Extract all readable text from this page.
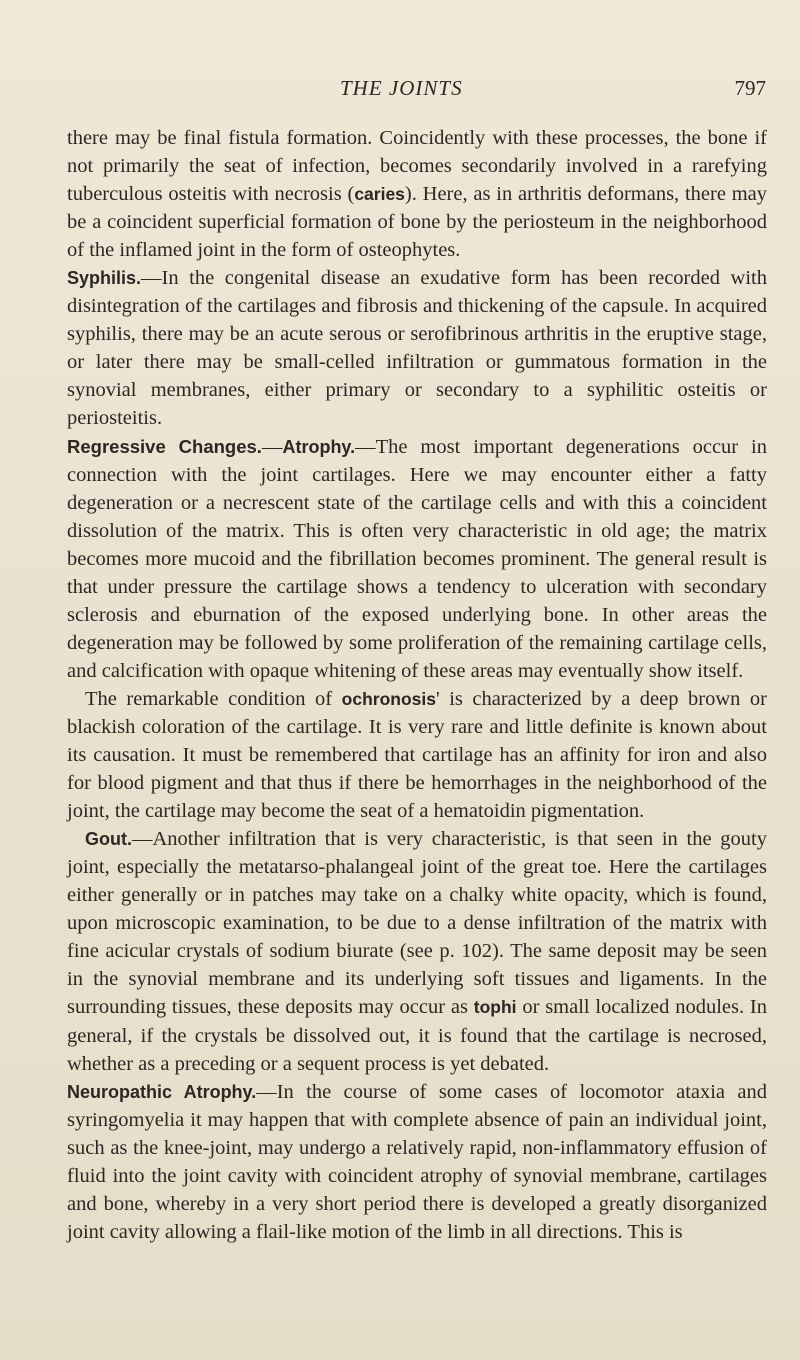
THE JOINTS	797

there may be final fistula formation. Coincidently with these processes, the bone if not primarily the seat of infection, becomes secondarily involved in a rarefying tuberculous osteitis with necrosis (caries). Here, as in arthritis deformans, there may be a coincident superficial formation of bone by the periosteum in the neighborhood of the inflamed joint in the form of osteophytes.

Syphilis.—In the congenital disease an exudative form has been recorded with disintegration of the cartilages and fibrosis and thickening of the capsule. In acquired syphilis, there may be an acute serous or serofibrinous arthritis in the eruptive stage, or later there may be small-celled infiltration or gummatous formation in the synovial membranes, either primary or secondary to a syphilitic osteitis or periosteitis.

Regressive Changes.—Atrophy.—The most important degenerations occur in connection with the joint cartilages. Here we may encounter either a fatty degeneration or a necrescent state of the cartilage cells and with this a coincident dissolution of the matrix. This is often very characteristic in old age; the matrix becomes more mucoid and the fibrillation becomes prominent. The general result is that under pressure the cartilage shows a tendency to ulceration with secondary sclerosis and eburnation of the exposed underlying bone. In other areas the degeneration may be followed by some proliferation of the remaining cartilage cells, and calcification with opaque whitening of these areas may eventually show itself.

The remarkable condition of ochronosis' is characterized by a deep brown or blackish coloration of the cartilage. It is very rare and little definite is known about its causation. It must be remembered that cartilage has an affinity for iron and also for blood pigment and that thus if there be hemorrhages in the neighborhood of the joint, the cartilage may become the seat of a hematoidin pigmentation.

Gout.—Another infiltration that is very characteristic, is that seen in the gouty joint, especially the metatarso-phalangeal joint of the great toe. Here the cartilages either generally or in patches may take on a chalky white opacity, which is found, upon microscopic examination, to be due to a dense infiltration of the matrix with fine acicular crystals of sodium biurate (see p. 102). The same deposit may be seen in the synovial membrane and its underlying soft tissues and ligaments. In the surrounding tissues, these deposits may occur as tophi or small localized nodules. In general, if the crystals be dissolved out, it is found that the cartilage is necrosed, whether as a preceding or a sequent process is yet debated.

Neuropathic Atrophy.—In the course of some cases of locomotor ataxia and syringomyelia it may happen that with complete absence of pain an individual joint, such as the knee-joint, may undergo a relatively rapid, non-inflammatory effusion of fluid into the joint cavity with coincident atrophy of synovial membrane, cartilages and bone, whereby in a very short period there is developed a greatly disorganized joint cavity allowing a flail-like motion of the limb in all directions. This is
